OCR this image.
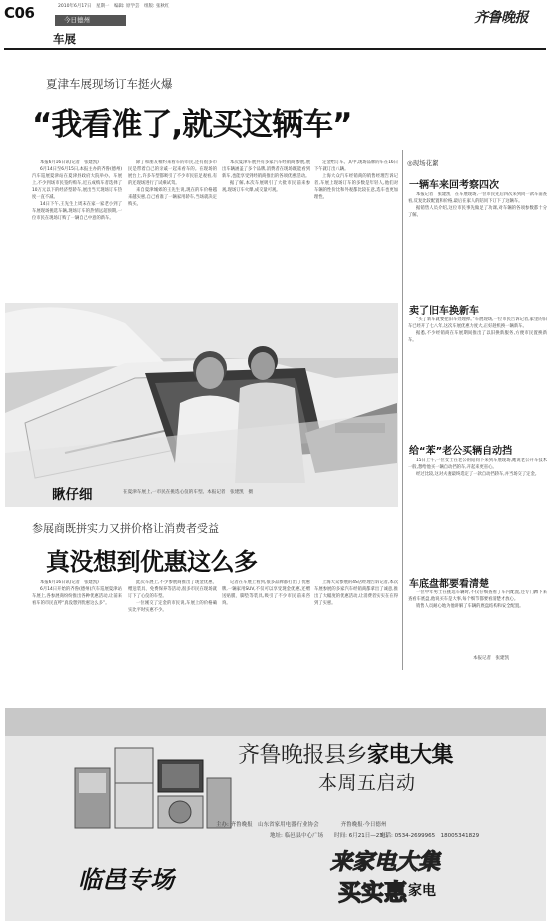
C06	2010年6月17日　星期一　编辑: 原学芸　组版: 张秋红
今日德州
车展
齐鲁晚报
夏津车展现场订车挺火爆
“我看准了,就买这辆车”

本报6月16日讯(记者　张建凯)

6月14日至6月15日,本报主办的齐鲁(德州)汽车巡展夏津站在夏津县政府大院举办。车展上,不少到场市民签约购车,近五成购车者选择了10万元以下的经济型轿车,展出当天现场订车热度一直不减。

14日下午,王先生上周末在家一家老小到了车展现场挑选车辆,现场订车的热情远超预期,一位市民在现场订购了一辆自己中意的新车。

除了和朋友相约来看车的市民,还有很多市民是带着自己的亲戚一起来看车的。在现场的展台上,许多车型都吸引了不少市民驻足观看,有的还现场进行了试乘试驾。

来自夏津城郊的王先生说,现在的车价格越来越实惠,自己看准了一辆家用轿车,当场就决定购买。

本次夏津车展共有多家汽车经销商参展,展出车辆涵盖了多个品牌,消费者在现场既能看到新车,也能享受到经销商推出的各项优惠活动。

据了解,本次车展吸引了大批市民前来参观,现场订车火爆,成交量可观。

定金给订车。其中,现场品牌的车在16日下午就订出八辆。

上海大众汽车经销商的销售经理告诉记者,车展上现场订车的多数是年轻人,他们对车辆的性价比和外观都比较在意,选车也更加理性。

瞅仔细	在夏津车展上,一市民在挑选心仪的车型。本报记者　张建凯　摄
◎现场花絮
一辆车来回考察四次

本报记者　张建凯　在车展现场,一位市民先后四次来到同一款车前查看,反复比较配置和价格,最后在家人的陪同下订下了这辆车。

据销售人员介绍,这位市民事先做足了功课,对车辆的各项参数都十分了解。

卖了旧车换新车

“买了新车就要把旧车处理掉。”车展现场,一位市民告诉记者,家里的旧车已经开了七八年,这次车展优惠力度大,正好趁机换一辆新车。

据悉,不少经销商在车展期间推出了以旧换新服务,方便市民置换新车。

给“苯”老公买辆自动挡

15日上午,一位女士在老公的陪同下来到车展现场,她说老公开车技术一般,想给他买一辆自动挡的车,开起来更省心。

经过比较,这对夫妻最终选定了一款自动挡轿车,并当场交了定金。

车底盘都要看清楚

一位中年男士在挑选车辆时,不仅仔细查看了车内配置,还专门蹲下来查看车底盘,他说买车是大事,每个细节都要看清楚才放心。

销售人员耐心地为他讲解了车辆的底盘结构和安全配置。

本报记者　张建凯
参展商既拼实力又拼价格让消费者受益
真没想到优惠这么多

本报6月16日讯(记者　张建凯)

6月14日开始的齐鲁(德州)汽车巡展夏津站车展上,各参展商纷纷推出各种优惠活动,让前来看车的市民直呼“真没想到优惠这么多”。

此次车展上,不少参展商推出了现金优惠、赠送装具、免费保养等活动,很多市民在现场就订下了心仪的车型。

一位刚交了定金的市民说,车展上的价格确实比平时实惠不少。

记者在车展上看到,很多品牌都打出了优惠牌,一辆家用SUV,不仅可以享受现金优惠,还赠送贴膜、脚垫等装具,吸引了不少市民前来咨询。

上海大众参展的4S店经理告诉记者,本次车展参展的多家汽车经销商都拿出了诚意,推出了大幅度的优惠活动,让消费者实实在在得到了实惠。

齐鲁晚报县乡家电大集
本周五启动
主办: 齐鲁晚报　山东省家用电器行业协会　　　　齐鲁晚报·今日德州
地址: 临邑县中心广场　　时间: 6月21日—23日
电话: 0534-2699965　18005341829
临邑专场
来家电大集
买实惠 家电
